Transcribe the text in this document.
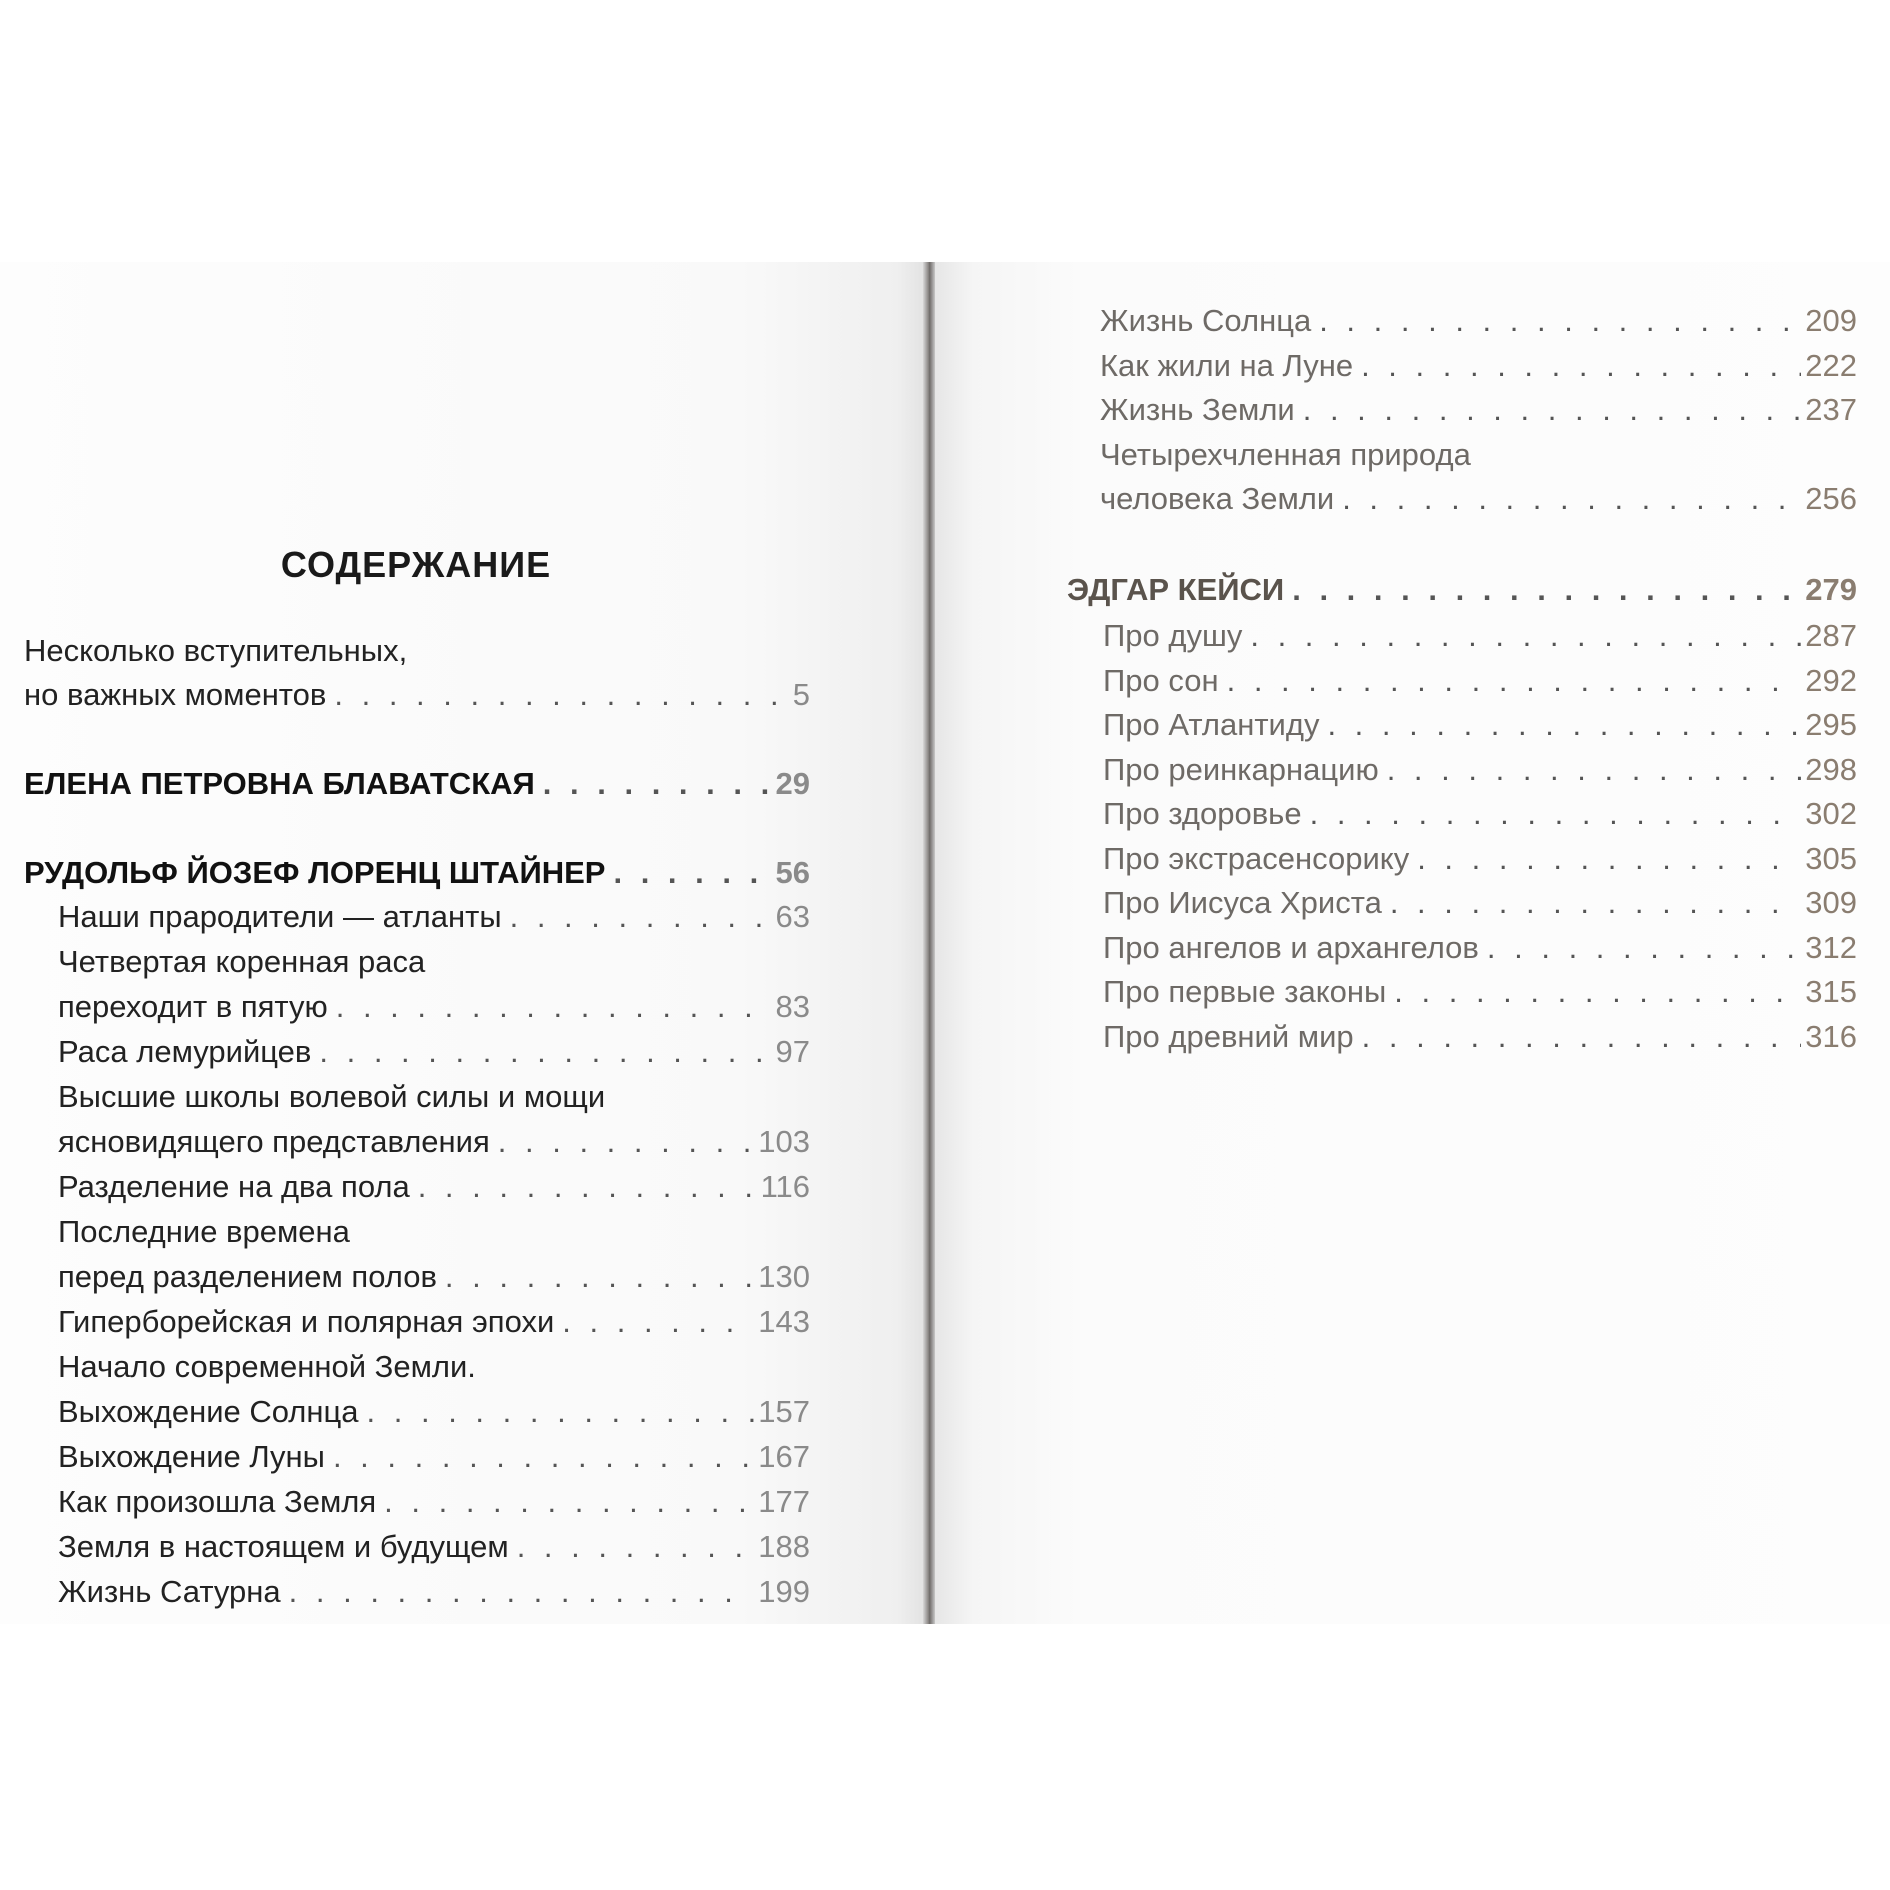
СОДЕРЖАНИЕ
Несколько вступительных,
но важных моментов . . .	5
ЕЛЕНА ПЕТРОВНА БЛАВАТСКАЯ . . .	29
РУДОЛЬФ ЙОЗЕФ ЛОРЕНЦ ШТАЙНЕР . . .	56
Наши прародители — атланты . . .	63
Четвертая коренная раса
переходит в пятую . . .	83
Раса лемурийцев . . .	97
Высшие школы волевой силы и мощи
ясновидящего представления . . .	103
Разделение на два пола . . .	116
Последние времена
перед разделением полов . . .	130
Гиперборейская и полярная эпохи . . .	143
Начало современной Земли.
Выхождение Солнца . . .	157
Выхождение Луны . . .	167
Как произошла Земля . . .	177
Земля в настоящем и будущем . . .	188
Жизнь Сатурна . . .	199
Жизнь Солнца . . .	209
Как жили на Луне . . .	222
Жизнь Земли . . .	237
Четырехчленная природа
человека Земли . . .	256
ЭДГАР КЕЙСИ . . .	279
Про душу . . .	287
Про сон . . .	292
Про Атлантиду . . .	295
Про реинкарнацию . . .	298
Про здоровье . . .	302
Про экстрасенсорику . . .	305
Про Иисуса Христа . . .	309
Про ангелов и архангелов . . .	312
Про первые законы . . .	315
Про древний мир . . .	316
